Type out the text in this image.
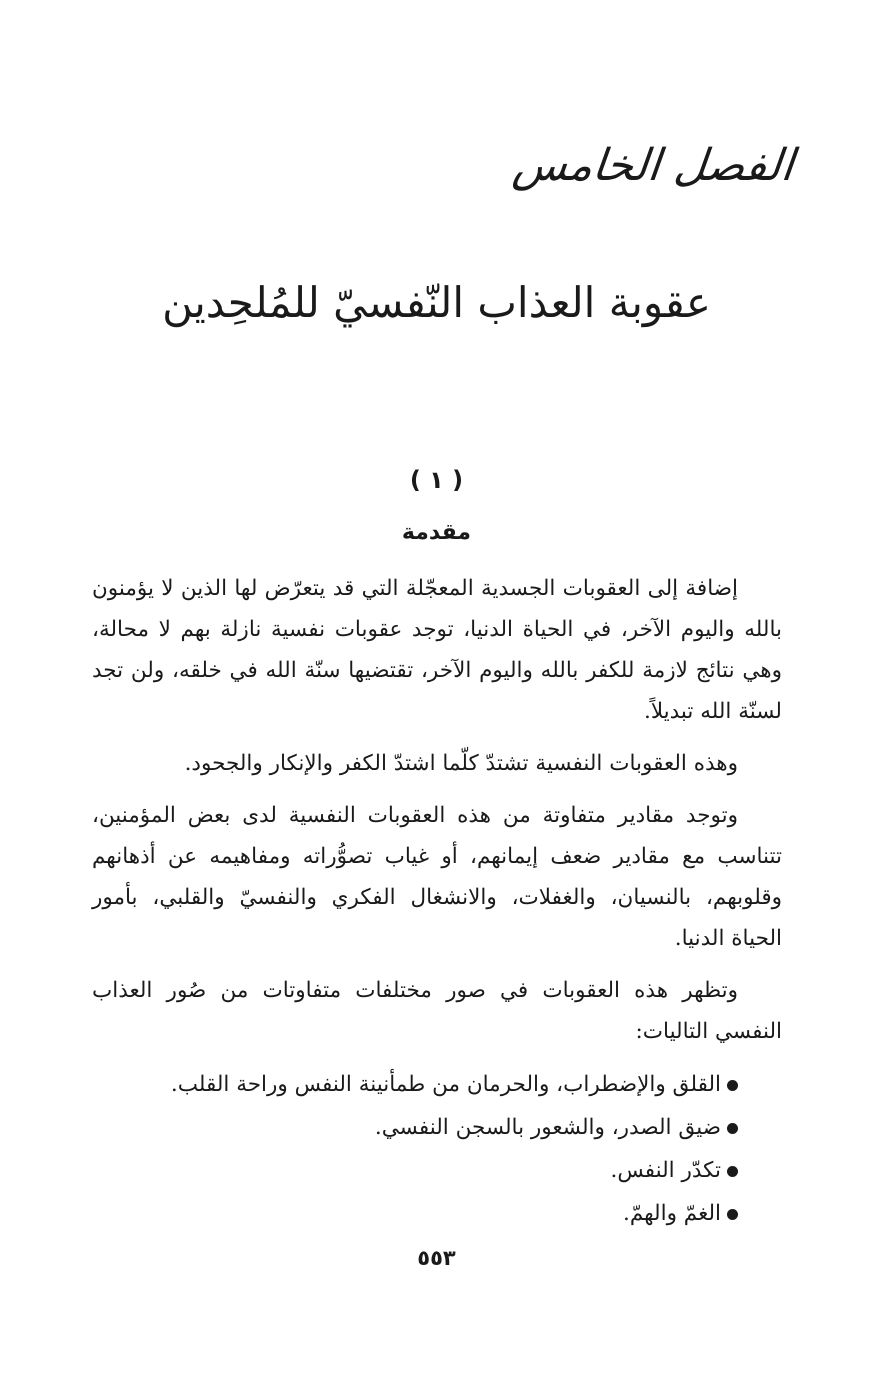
الفصل الخامس
عقوبة العذاب النّفسيّ للمُلحِدين
( ١ )
مقدمة

إضافة إلى العقوبات الجسدية المعجّلة التي قد يتعرّض لها الذين لا يؤمنون بالله واليوم الآخر، في الحياة الدنيا، توجد عقوبات نفسية نازلة بهم لا محالة، وهي نتائج لازمة للكفر بالله واليوم الآخر، تقتضيها سنّة الله في خلقه، ولن تجد لسنّة الله تبديلاً.

وهذه العقوبات النفسية تشتدّ كلّما اشتدّ الكفر والإنكار والجحود.

وتوجد مقادير متفاوتة من هذه العقوبات النفسية لدى بعض المؤمنين، تتناسب مع مقادير ضعف إيمانهم، أو غياب تصوُّراته ومفاهيمه عن أذهانهم وقلوبهم، بالنسيان، والغفلات، والانشغال الفكري والنفسيّ والقلبي، بأمور الحياة الدنيا.

وتظهر هذه العقوبات في صور مختلفات متفاوتات من صُور العذاب النفسي التاليات:

القلق والإضطراب، والحرمان من طمأنينة النفس وراحة القلب.
ضيق الصدر، والشعور بالسجن النفسي.
تكدّر النفس.
الغمّ والهمّ.
٥٥٣
